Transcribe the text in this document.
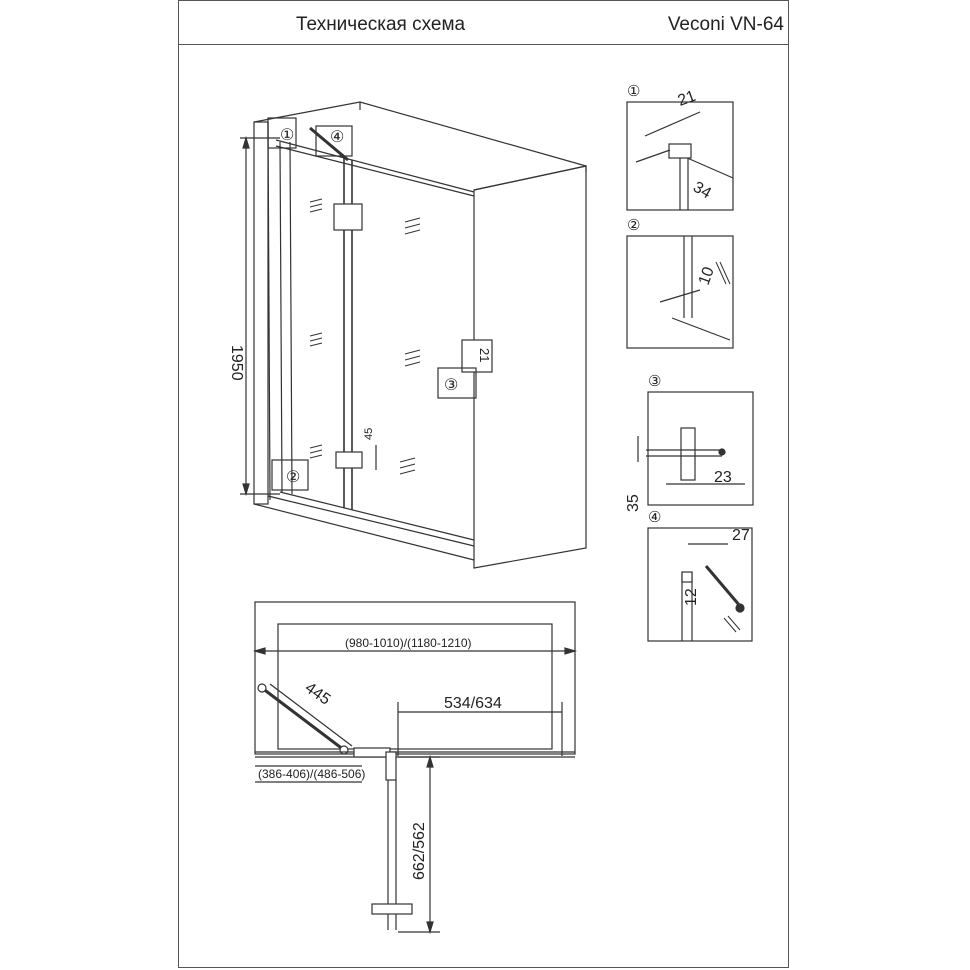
Техническая схема	Veconi VN-64
① ④
②
③
1950	21
45
① 21
34
②
10
③
23
35
④
27
12
(980-1010)/(1180-1210)
445	534/634
(386-406)/(486-506)
662/562
